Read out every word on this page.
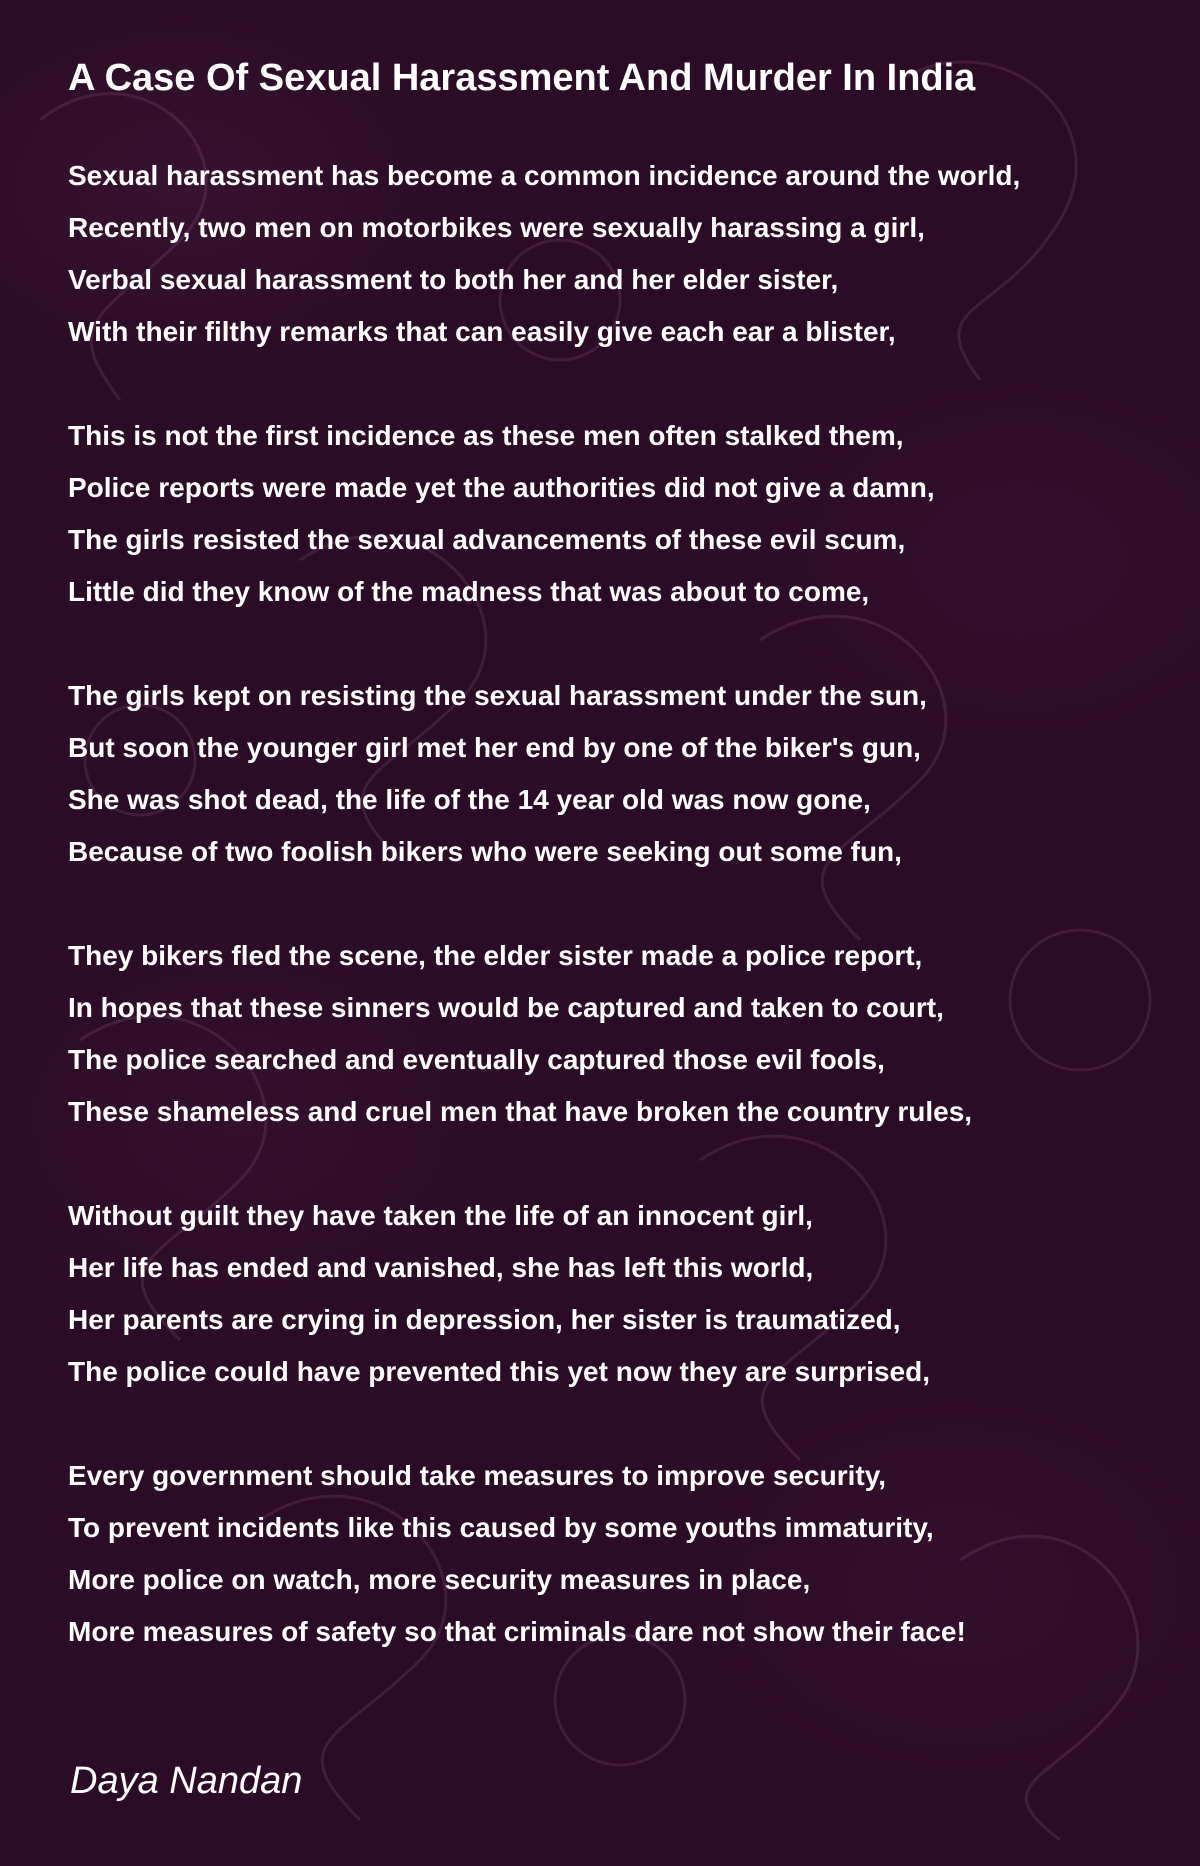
A Case Of Sexual Harassment And Murder In India
Sexual harassment has become a common incidence around the world,
Recently, two men on motorbikes were sexually harassing a girl,
Verbal sexual harassment to both her and her elder sister,
With their filthy remarks that can easily give each ear a blister,
This is not the first incidence as these men often stalked them,
Police reports were made yet the authorities did not give a damn,
The girls resisted the sexual advancements of these evil scum,
Little did they know of the madness that was about to come,
The girls kept on resisting the sexual harassment under the sun,
But soon the younger girl met her end by one of the biker's gun,
She was shot dead, the life of the 14 year old was now gone,
Because of two foolish bikers who were seeking out some fun,
They bikers fled the scene, the elder sister made a police report,
In hopes that these sinners would be captured and taken to court,
The police searched and eventually captured those evil fools,
These shameless and cruel men that have broken the country rules,
Without guilt they have taken the life of an innocent girl,
Her life has ended and vanished, she has left this world,
Her parents are crying in depression, her sister is traumatized,
The police could have prevented this yet now they are surprised,
Every government should take measures to improve security,
To prevent incidents like this caused by some youths immaturity,
More police on watch, more security measures in place,
More measures of safety so that criminals dare not show their face!
Daya Nandan
